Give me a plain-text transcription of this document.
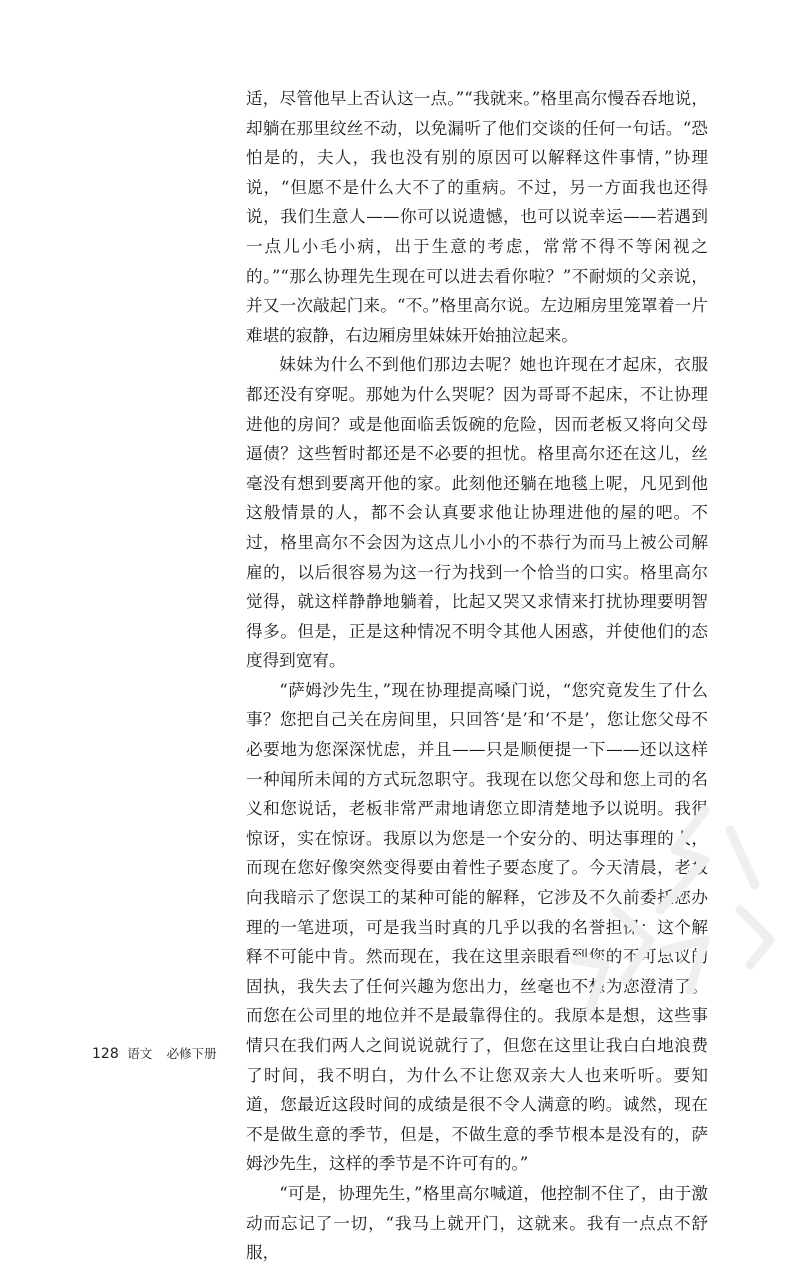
适，尽管他早上否认这一点。”“我就来。”格里高尔慢吞吞地说，却躺在那里纹丝不动，以免漏听了他们交谈的任何一句话。“恐怕是的，夫人，我也没有别的原因可以解释这件事情，”协理说，“但愿不是什么大不了的重病。不过，另一方面我也还得说，我们生意人——你可以说遗憾，也可以说幸运——若遇到一点儿小毛小病，出于生意的考虑，常常不得不等闲视之的。”“那么协理先生现在可以进去看你啦？”不耐烦的父亲说，并又一次敲起门来。“不。”格里高尔说。左边厢房里笼罩着一片难堪的寂静，右边厢房里妹妹开始抽泣起来。

妹妹为什么不到他们那边去呢？她也许现在才起床，衣服都还没有穿呢。那她为什么哭呢？因为哥哥不起床，不让协理进他的房间？或是他面临丢饭碗的危险，因而老板又将向父母逼债？这些暂时都还是不必要的担忧。格里高尔还在这儿，丝毫没有想到要离开他的家。此刻他还躺在地毯上呢，凡见到他这般情景的人，都不会认真要求他让协理进他的屋的吧。不过，格里高尔不会因为这点儿小小的不恭行为而马上被公司解雇的，以后很容易为这一行为找到一个恰当的口实。格里高尔觉得，就这样静静地躺着，比起又哭又求情来打扰协理要明智得多。但是，正是这种情况不明令其他人困惑，并使他们的态度得到宽宥。

“萨姆沙先生，”现在协理提高嗓门说，“您究竟发生了什么事？您把自己关在房间里，只回答‘是’和‘不是’，您让您父母不必要地为您深深忧虑，并且——只是顺便提一下——还以这样一种闻所未闻的方式玩忽职守。我现在以您父母和您上司的名义和您说话，老板非常严肃地请您立即清楚地予以说明。我很惊讶，实在惊讶。我原以为您是一个安分的、明达事理的人，而现在您好像突然变得要由着性子要态度了。今天清晨，老板向我暗示了您误工的某种可能的解释，它涉及不久前委托您办理的一笔进项，可是我当时真的几乎以我的名誉担保：这个解释不可能中肯。然而现在，我在这里亲眼看到您的不可思议的固执，我失去了任何兴趣为您出力，丝毫也不想为您澄清了。而您在公司里的地位并不是最靠得住的。我原本是想，这些事情只在我们两人之间说说就行了，但您在这里让我白白地浪费了时间，我不明白，为什么不让您双亲大人也来听听。要知道，您最近这段时间的成绩是很不令人满意的哟。诚然，现在不是做生意的季节，但是，不做生意的季节根本是没有的，萨姆沙先生，这样的季节是不许可有的。”

“可是，协理先生，”格里高尔喊道，他控制不住了，由于激动而忘记了一切，“我马上就开门，这就来。我有一点点不舒服，

128 语文 必修下册
